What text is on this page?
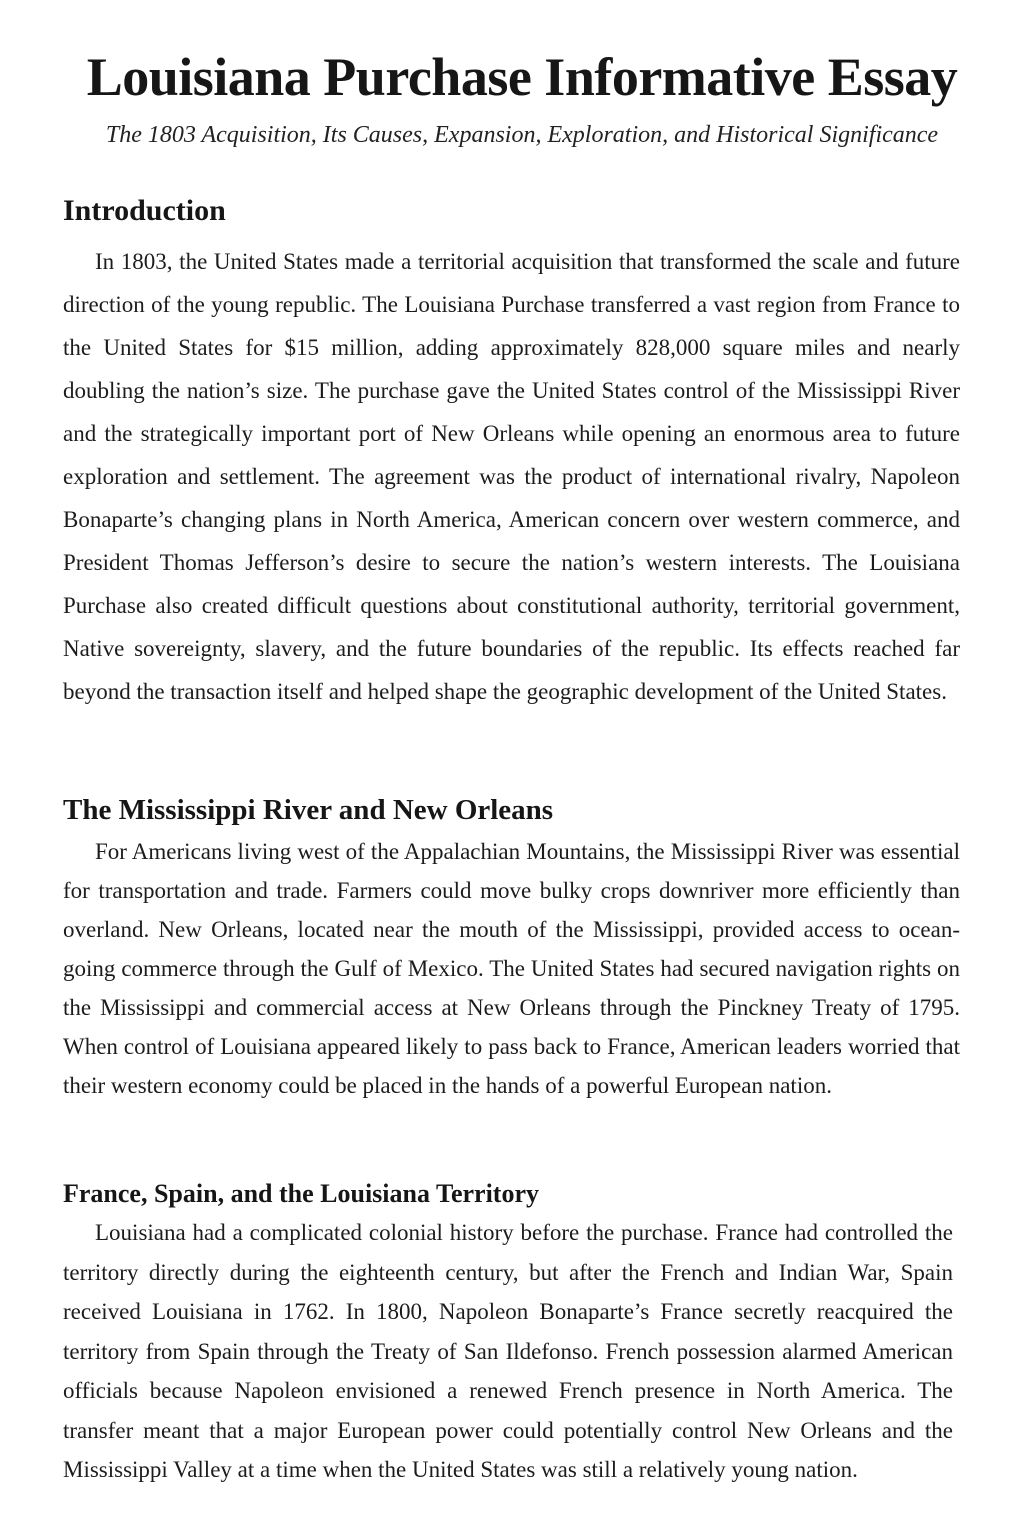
Louisiana Purchase Informative Essay

The 1803 Acquisition, Its Causes, Expansion, Exploration, and Historical Significance

Introduction

In 1803, the United States made a territorial acquisition that transformed the scale and future direction of the young republic. The Louisiana Purchase transferred a vast region from France to the United States for $15 million, adding approximately 828,000 square miles and nearly doubling the nation’s size. The purchase gave the United States control of the Mississippi River and the strategically important port of New Orleans while opening an enormous area to future exploration and settlement. The agreement was the product of international rivalry, Napoleon Bonaparte’s changing plans in North America, American concern over western commerce, and President Thomas Jefferson’s desire to secure the nation’s western interests. The Louisiana Purchase also created difficult questions about constitutional authority, territorial government, Native sovereignty, slavery, and the future boundaries of the republic. Its effects reached far beyond the transaction itself and helped shape the geographic development of the United States.

The Mississippi River and New Orleans

For Americans living west of the Appalachian Mountains, the Mississippi River was essential for transportation and trade. Farmers could move bulky crops downriver more efficiently than overland. New Orleans, located near the mouth of the Mississippi, provided access to ocean-going commerce through the Gulf of Mexico. The United States had secured navigation rights on the Mississippi and commercial access at New Orleans through the Pinckney Treaty of 1795. When control of Louisiana appeared likely to pass back to France, American leaders worried that their western economy could be placed in the hands of a powerful European nation.

France, Spain, and the Louisiana Territory

Louisiana had a complicated colonial history before the purchase. France had controlled the territory directly during the eighteenth century, but after the French and Indian War, Spain received Louisiana in 1762. In 1800, Napoleon Bonaparte’s France secretly reacquired the territory from Spain through the Treaty of San Ildefonso. French possession alarmed American officials because Napoleon envisioned a renewed French presence in North America. The transfer meant that a major European power could potentially control New Orleans and the Mississippi Valley at a time when the United States was still a relatively young nation.
